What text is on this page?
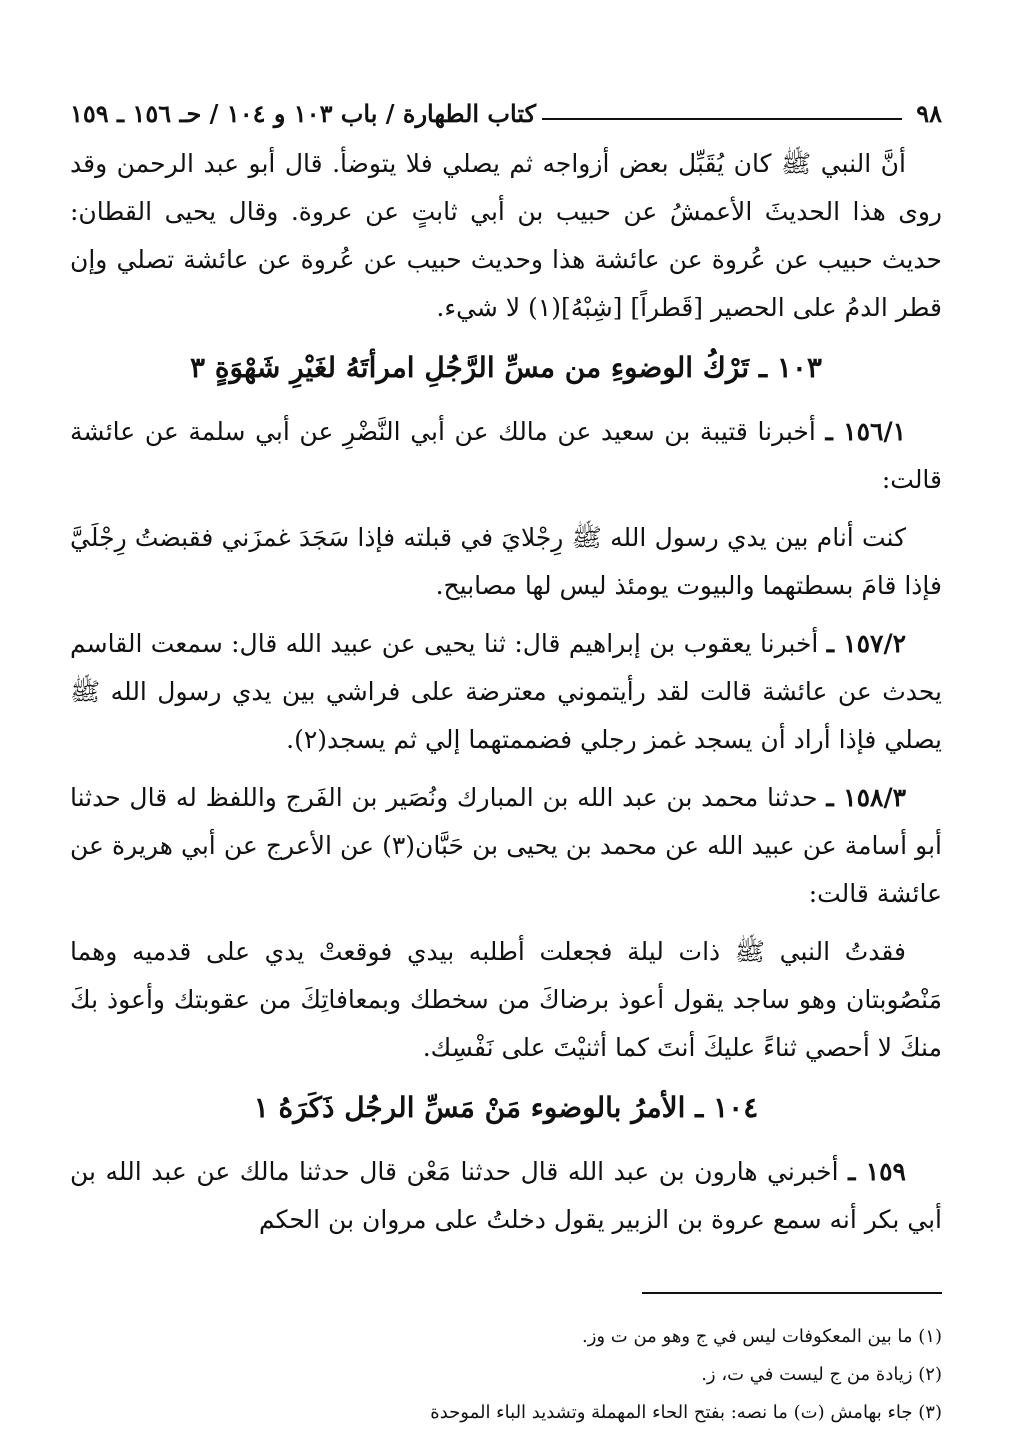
٩٨
كتاب الطهارة / باب ١٠٣ و ١٠٤ / حـ ١٥٦ ـ ١٥٩

أنَّ النبي ﷺ كان يُقَبِّل بعض أزواجه ثم يصلي فلا يتوضأ. قال أبو عبد الرحمن وقد روى هذا الحديثَ الأعمشُ عن حبيب بن أبي ثابتٍ عن عروة. وقال يحيى القطان: حديث حبيب عن عُروة عن عائشة هذا وحديث حبيب عن عُروة عن عائشة تصلي وإن قطر الدمُ على الحصير [قَطراً] [شِبْهُ](١) لا شيء.

١٠٣ ـ تَرْكُ الوضوءِ من مسِّ الرَّجُلِ امرأتَهُ لغَيْرِ شَهْوَةٍ ٣

١٥٦/١ ـ أخبرنا قتيبة بن سعيد عن مالك عن أبي النَّضْرِ عن أبي سلمة عن عائشة قالت:

كنت أنام بين يدي رسول الله ﷺ رِجْلايَ في قبلته فإذا سَجَدَ غمزَني فقبضتُ رِجْلَيَّ فإذا قامَ بسطتهما والبيوت يومئذ ليس لها مصابيح.

١٥٧/٢ ـ أخبرنا يعقوب بن إبراهيم قال: ثنا يحيى عن عبيد الله قال: سمعت القاسم يحدث عن عائشة قالت لقد رأيتموني معترضة على فراشي بين يدي رسول الله ﷺ يصلي فإذا أراد أن يسجد غمز رجلي فضممتهما إلي ثم يسجد(٢).

١٥٨/٣ ـ حدثنا محمد بن عبد الله بن المبارك ونُصَير بن الفَرج واللفظ له قال حدثنا أبو أسامة عن عبيد الله عن محمد بن يحيى بن حَبَّان(٣) عن الأعرج عن أبي هريرة عن عائشة قالت:

فقدتُ النبي ﷺ ذات ليلة فجعلت أطلبه بيدي فوقعتْ يدي على قدميه وهما مَنْصُوبتان وهو ساجد يقول أعوذ برضاكَ من سخطك وبمعافاتِكَ من عقوبتك وأعوذ بكَ منكَ لا أحصي ثناءً عليكَ أنتَ كما أثنيْتَ على نَفْسِك.

١٠٤ ـ الأمرُ بالوضوء مَنْ مَسِّ الرجُل ذَكَرَهُ ١

١٥٩ ـ أخبرني هارون بن عبد الله قال حدثنا مَعْن قال حدثنا مالك عن عبد الله بن أبي بكر أنه سمع عروة بن الزبير يقول دخلتُ على مروان بن الحكم

(١) ما بين المعكوفات ليس في ج وهو من ت وز.
(٢) زيادة من ج ليست في ت، ز.
(٣) جاء بهامش (ت) ما نصه: بفتح الحاء المهملة وتشديد الباء الموحدة
